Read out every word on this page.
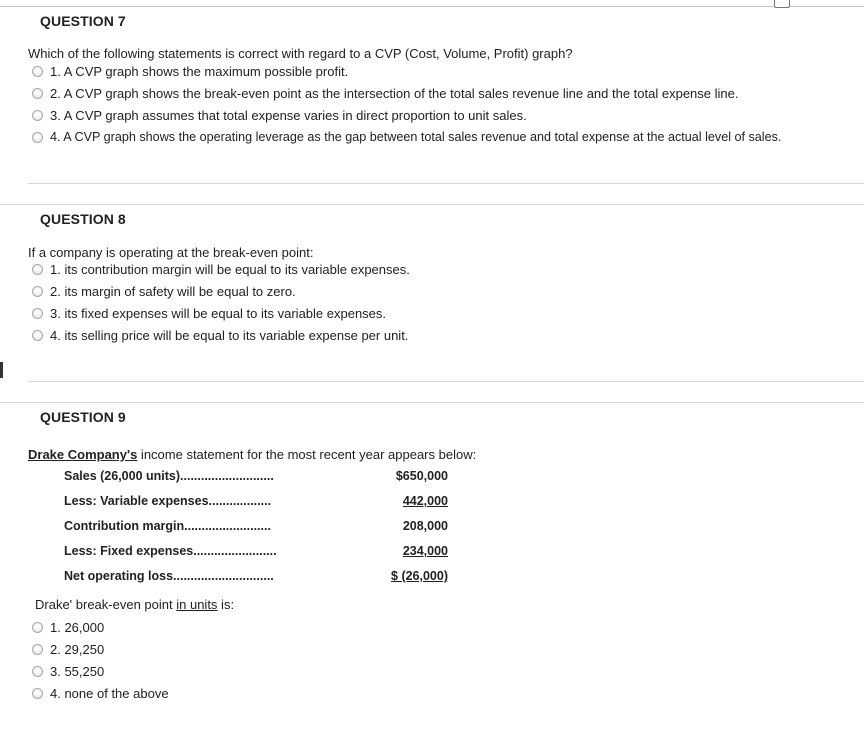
QUESTION 7
Which of the following statements is correct with regard to a CVP (Cost, Volume, Profit) graph?
1. A CVP graph shows the maximum possible profit.
2. A CVP graph shows the break-even point as the intersection of the total sales revenue line and the total expense line.
3. A CVP graph assumes that total expense varies in direct proportion to unit sales.
4. A CVP graph shows the operating leverage as the gap between total sales revenue and total expense at the actual level of sales.
QUESTION 8
If a company is operating at the break-even point:
1. its contribution margin will be equal to its variable expenses.
2. its margin of safety will be equal to zero.
3. its fixed expenses will be equal to its variable expenses.
4. its selling price will be equal to its variable expense per unit.
QUESTION 9
Drake Company's income statement for the most recent year appears below:
Sales (26,000 units)...........................	$650,000
Less: Variable expenses..................	442,000
Contribution margin.........................	208,000
Less: Fixed expenses........................	234,000
Net operating loss.............................	$ (26,000)
Drake' break-even point in units is:
1. 26,000
2. 29,250
3. 55,250
4. none of the above
